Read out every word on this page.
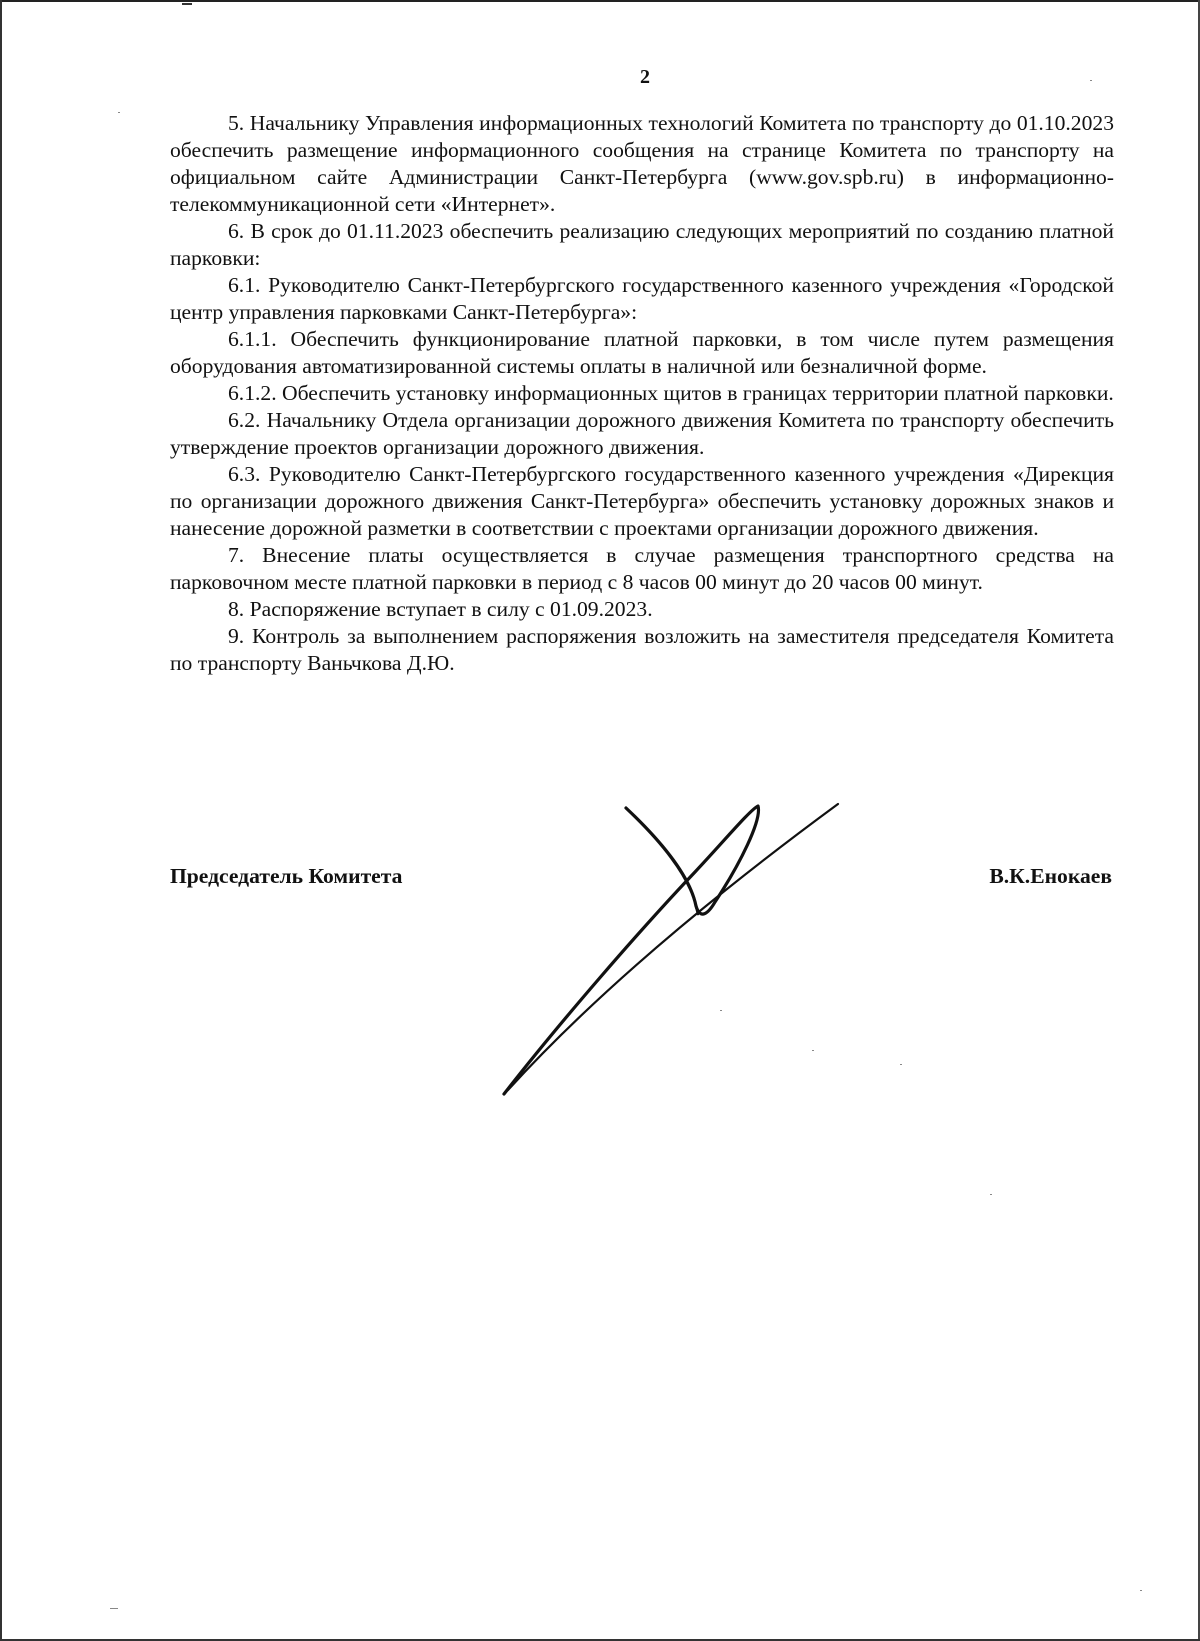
2

5. Начальнику Управления информационных технологий Комитета по транспорту до 01.10.2023 обеспечить размещение информационного сообщения на странице Комитета по транспорту на официальном сайте Администрации Санкт-Петербурга (www.gov.spb.ru) в информационно-телекоммуникационной сети «Интернет».

6. В срок до 01.11.2023 обеспечить реализацию следующих мероприятий по созданию платной парковки:

6.1. Руководителю Санкт-Петербургского государственного казенного учреждения «Городской центр управления парковками Санкт-Петербурга»:

6.1.1. Обеспечить функционирование платной парковки, в том числе путем размещения оборудования автоматизированной системы оплаты в наличной или безналичной форме.

6.1.2. Обеспечить установку информационных щитов в границах территории платной парковки.

6.2. Начальнику Отдела организации дорожного движения Комитета по транспорту обеспечить утверждение проектов организации дорожного движения.

6.3. Руководителю Санкт-Петербургского государственного казенного учреждения «Дирекция по организации дорожного движения Санкт-Петербурга» обеспечить установку дорожных знаков и нанесение дорожной разметки в соответствии с проектами организации дорожного движения.

7. Внесение платы осуществляется в случае размещения транспортного средства на парковочном месте платной парковки в период с 8 часов 00 минут до 20 часов 00 минут.

8. Распоряжение вступает в силу с 01.09.2023.

9. Контроль за выполнением распоряжения возложить на заместителя председателя Комитета по транспорту Ваньчкова Д.Ю.

Председатель Комитета	В.К.Енокаев
